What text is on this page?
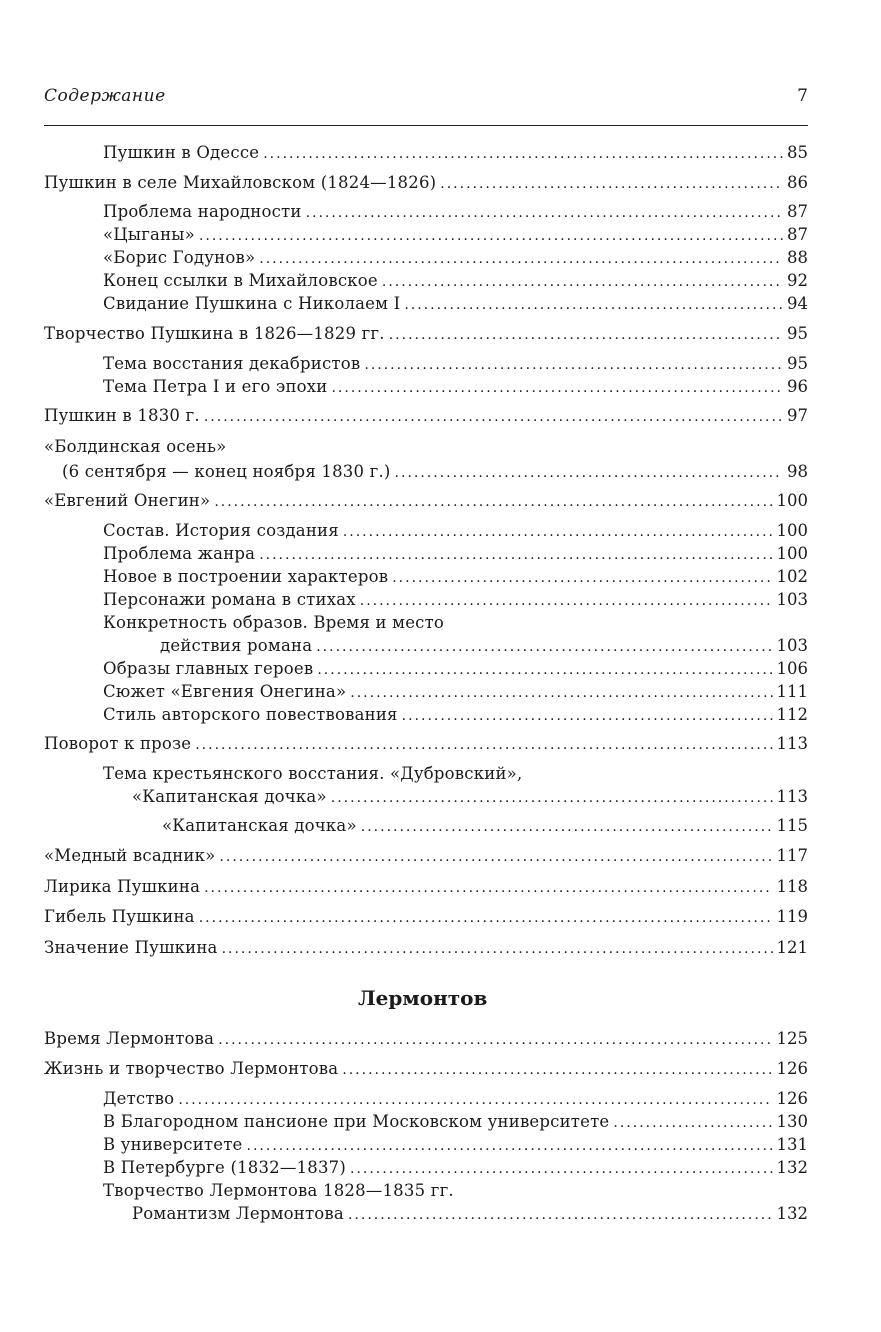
Содержание	7
Пушкин в Одессе .....	85
Пушкин в селе Михайловском (1824—1826) .....	86
Проблема народности .....	87
«Цыганы» .....	87
«Борис Годунов» .....	88
Конец ссылки в Михайловское .....	92
Свидание Пушкина с Николаем I .....	94
Творчество Пушкина в 1826—1829 гг. .....	95
Тема восстания декабристов .....	95
Тема Петра I и его эпохи .....	96
Пушкин в 1830 г. .....	97
«Болдинская осень»
(6 сентября — конец ноября 1830 г.) .....	98
«Евгений Онегин» .....	100
Состав. История создания .....	100
Проблема жанра .....	100
Новое в построении характеров .....	102
Персонажи романа в стихах .....	103
Конкретность образов. Время и место
действия романа .....	103
Образы главных героев .....	106
Сюжет «Евгения Онегина» .....	111
Стиль авторского повествования .....	112
Поворот к прозе .....	113
Тема крестьянского восстания. «Дубровский»,
«Капитанская дочка» .....	113
«Капитанская дочка» .....	115
«Медный всадник» .....	117
Лирика Пушкина .....	118
Гибель Пушкина .....	119
Значение Пушкина .....	121
Время Лермонтова .....	125
Жизнь и творчество Лермонтова .....	126
Детство .....	126
В Благородном пансионе при Московском университете .....	130
В университете .....	131
В Петербурге (1832—1837) .....	132
Творчество Лермонтова 1828—1835 гг.
Романтизм Лермонтова .....	132
Лермонтов
